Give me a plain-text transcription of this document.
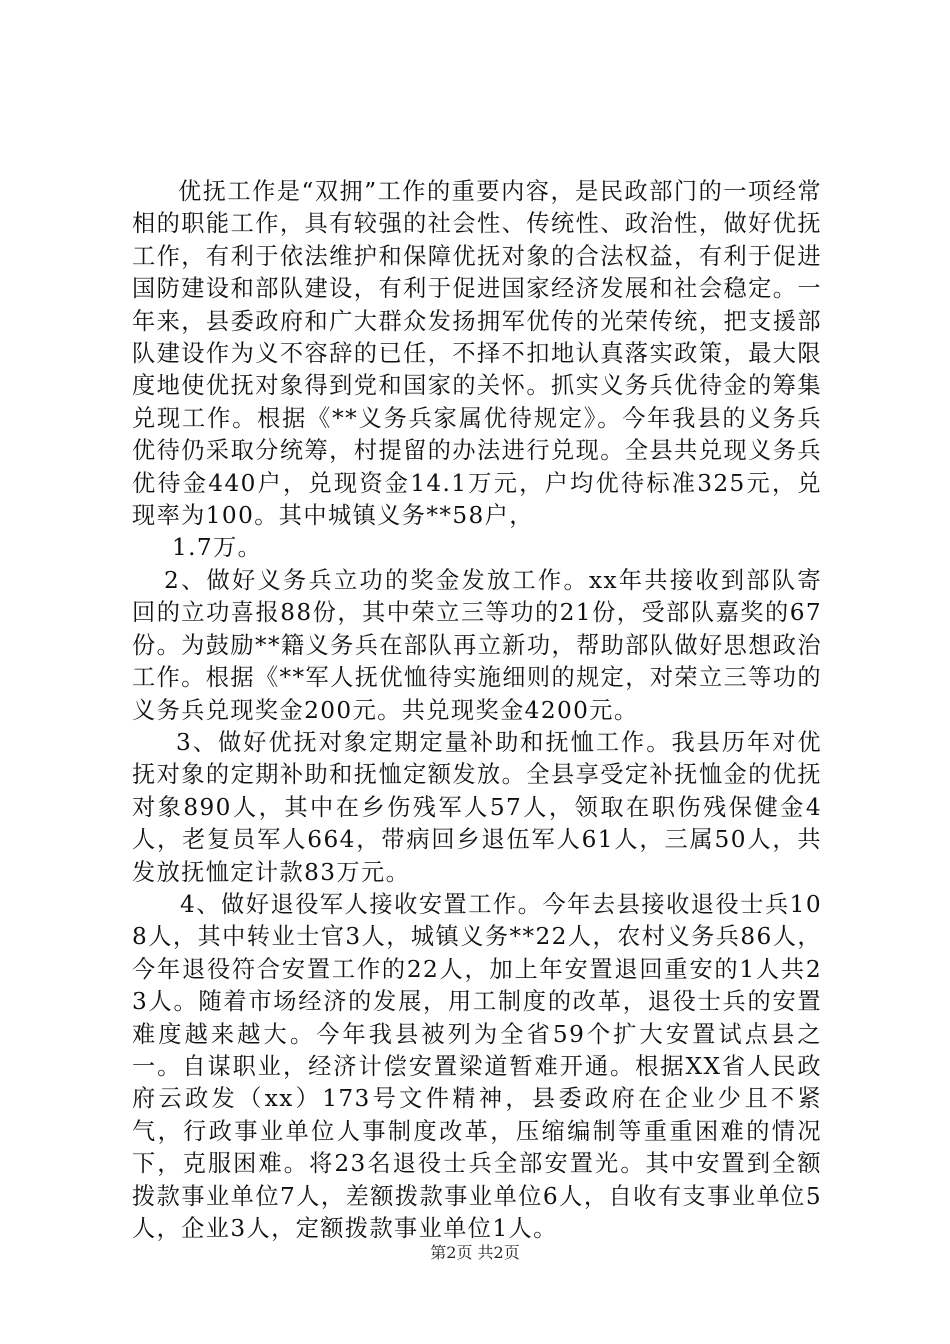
优抚工作是“双拥”工作的重要内容，是民政部门的一项经常相的职能工作，具有较强的社会性、传统性、政治性，做好优抚工作，有利于依法维护和保障优抚对象的合法权益，有利于促进国防建设和部队建设，有利于促进国家经济发展和社会稳定。一年来，县委政府和广大群众发扬拥军优传的光荣传统，把支援部队建设作为义不容辞的已任，不择不扣地认真落实政策，最大限度地使优抚对象得到党和国家的关怀。抓实义务兵优待金的筹集兑现工作。根据《**义务兵家属优待规定》。今年我县的义务兵优待仍采取分统筹，村提留的办法进行兑现。全县共兑现义务兵优待金440户，兑现资金14.1万元，户均优待标准325元，兑现率为100。其中城镇义务**58户，

1.7万。

2、做好义务兵立功的奖金发放工作。xx年共接收到部队寄回的立功喜报88份，其中荣立三等功的21份，受部队嘉奖的67份。为鼓励**籍义务兵在部队再立新功，帮助部队做好思想政治工作。根据《**军人抚优恤待实施细则的规定，对荣立三等功的义务兵兑现奖金200元。共兑现奖金4200元。

3、做好优抚对象定期定量补助和抚恤工作。我县历年对优抚对象的定期补助和抚恤定额发放。全县享受定补抚恤金的优抚对象890人，其中在乡伤残军人57人，领取在职伤残保健金4人，老复员军人664，带病回乡退伍军人61人，三属50人，共发放抚恤定计款83万元。

4、做好退役军人接收安置工作。今年去县接收退役士兵108人，其中转业士官3人，城镇义务**22人，农村义务兵86人，今年退役符合安置工作的22人，加上年安置退回重安的1人共23人。随着市场经济的发展，用工制度的改革，退役士兵的安置难度越来越大。今年我县被列为全省59个扩大安置试点县之一。自谋职业，经济计偿安置梁道暂难开通。根据XX省人民政府云政发（xx）173号文件精神，县委政府在企业少且不紧气，行政事业单位人事制度改革，压缩编制等重重困难的情况下，克服困难。将23名退役士兵全部安置光。其中安置到全额拨款事业单位7人，差额拨款事业单位6人，自收有支事业单位5人，企业3人，定额拨款事业单位1人。

第2页 共2页
